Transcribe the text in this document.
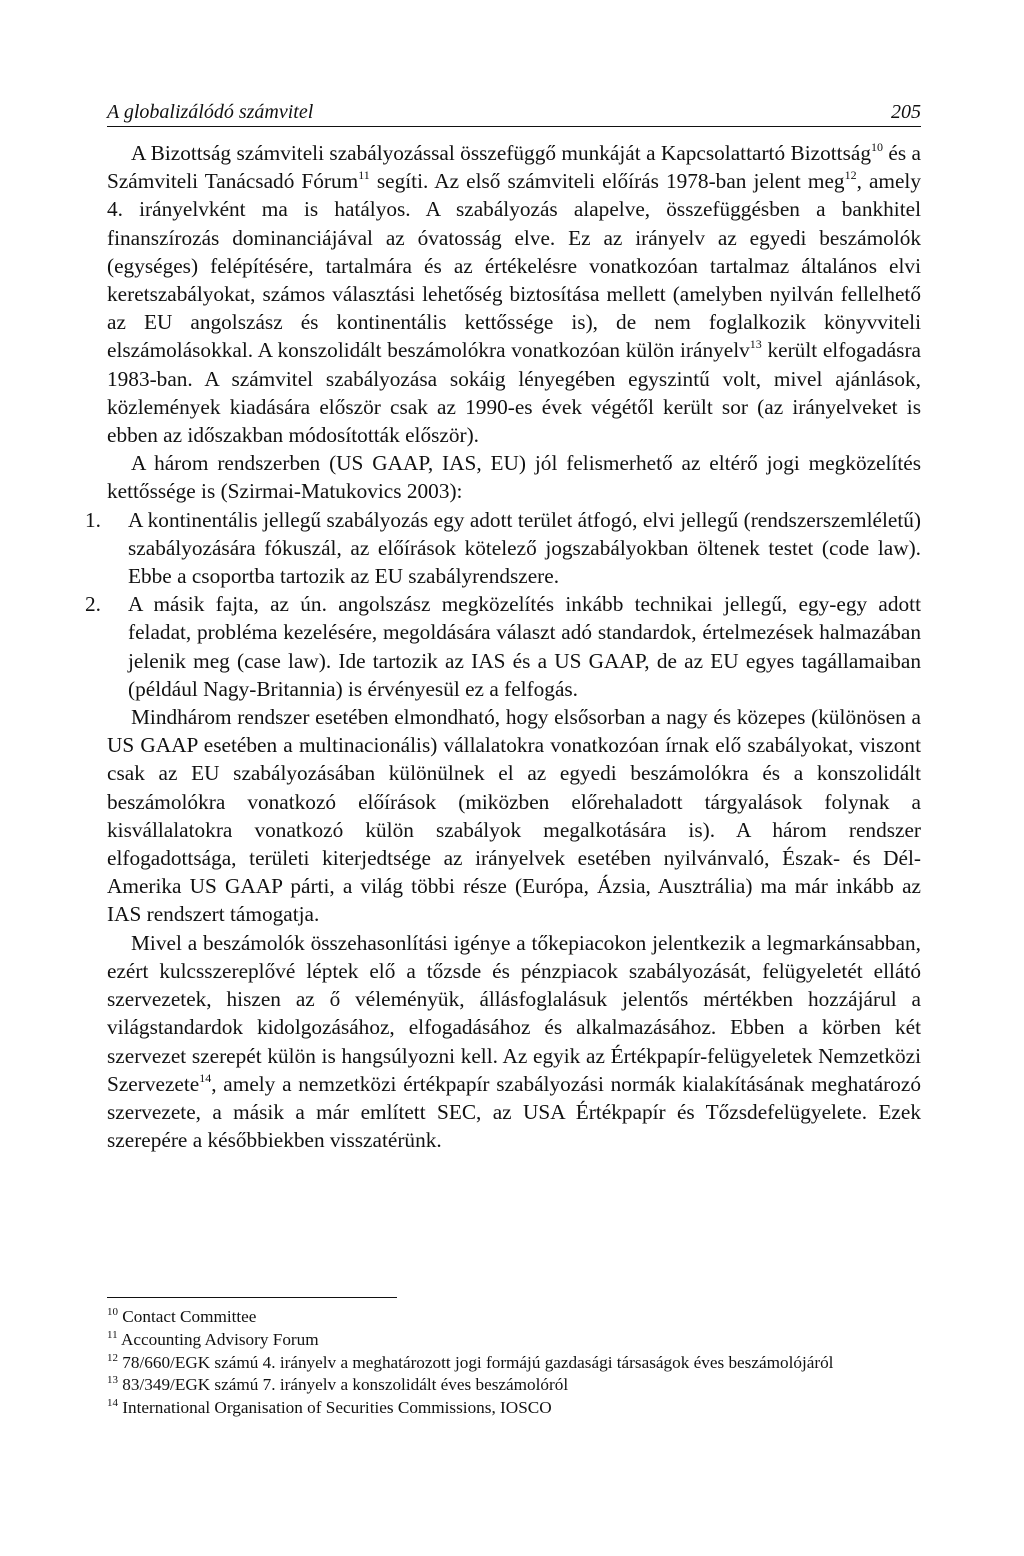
A globalizálódó számvitel	205

A Bizottság számviteli szabályozással összefüggő munkáját a Kapcsolattartó Bizottság$^{10}$ és a Számviteli Tanácsadó Fórum$^{11}$ segíti. Az első számviteli előírás 1978-ban jelent meg$^{12}$, amely 4. irányelvként ma is hatályos. A szabályozás alapelve, összefüggésben a bankhitel finanszírozás dominanciájával az óvatosság elve. Ez az irányelv az egyedi beszámolók (egységes) felépítésére, tartalmára és az értékelésre vonatkozóan tartalmaz általános elvi keretszabályokat, számos választási lehetőség biztosítása mellett (amelyben nyilván fellelhető az EU angolszász és kontinentális kettőssége is), de nem foglalkozik könyvviteli elszámolásokkal. A konszolidált beszámolókra vonatkozóan külön irányelv$^{13}$ került elfogadásra 1983-ban. A számvitel szabályozása sokáig lényegében egyszintű volt, mivel ajánlások, közlemények kiadására először csak az 1990-es évek végétől került sor (az irányelveket is ebben az időszakban módosították először).

A három rendszerben (US GAAP, IAS, EU) jól felismerhető az eltérő jogi megközelítés kettőssége is (Szirmai-Matukovics 2003):

1. A kontinentális jellegű szabályozás egy adott terület átfogó, elvi jellegű (rendszerszemléletű) szabályozására fókuszál, az előírások kötelező jogszabályokban öltenek testet (code law). Ebbe a csoportba tartozik az EU szabályrendszere.
2. A másik fajta, az ún. angolszász megközelítés inkább technikai jellegű, egy-egy adott feladat, probléma kezelésére, megoldására választ adó standardok, értelmezések halmazában jelenik meg (case law). Ide tartozik az IAS és a US GAAP, de az EU egyes tagállamaiban (például Nagy-Britannia) is érvényesül ez a felfogás.

Mindhárom rendszer esetében elmondható, hogy elsősorban a nagy és közepes (különösen a US GAAP esetében a multinacionális) vállalatokra vonatkozóan írnak elő szabályokat, viszont csak az EU szabályozásában különülnek el az egyedi beszámolókra és a konszolidált beszámolókra vonatkozó előírások (miközben előrehaladott tárgyalások folynak a kisvállalatokra vonatkozó külön szabályok megalkotására is). A három rendszer elfogadottsága, területi kiterjedtsége az irányelvek esetében nyilvánvaló, Észak- és Dél-Amerika US GAAP párti, a világ többi része (Európa, Ázsia, Ausztrália) ma már inkább az IAS rendszert támogatja.

Mivel a beszámolók összehasonlítási igénye a tőkepiacokon jelentkezik a legmarkánsabban, ezért kulcsszereplővé léptek elő a tőzsde és pénzpiacok szabályozását, felügyeletét ellátó szervezetek, hiszen az ő véleményük, állásfoglalásuk jelentős mértékben hozzájárul a világstandardok kidolgozásához, elfogadásához és alkalmazásához. Ebben a körben két szervezet szerepét külön is hangsúlyozni kell. Az egyik az Értékpapír-felügyeletek Nemzetközi Szervezete$^{14}$, amely a nemzetközi értékpapír szabályozási normák kialakításának meghatározó szervezete, a másik a már említett SEC, az USA Értékpapír és Tőzsdefelügyelete. Ezek szerepére a későbbiekben visszatérünk.

$^{10}$ Contact Committee
$^{11}$ Accounting Advisory Forum
$^{12}$ 78/660/EGK számú 4. irányelv a meghatározott jogi formájú gazdasági társaságok éves beszámolójáról
$^{13}$ 83/349/EGK számú 7. irányelv a konszolidált éves beszámolóról
$^{14}$ International Organisation of Securities Commissions, IOSCO
